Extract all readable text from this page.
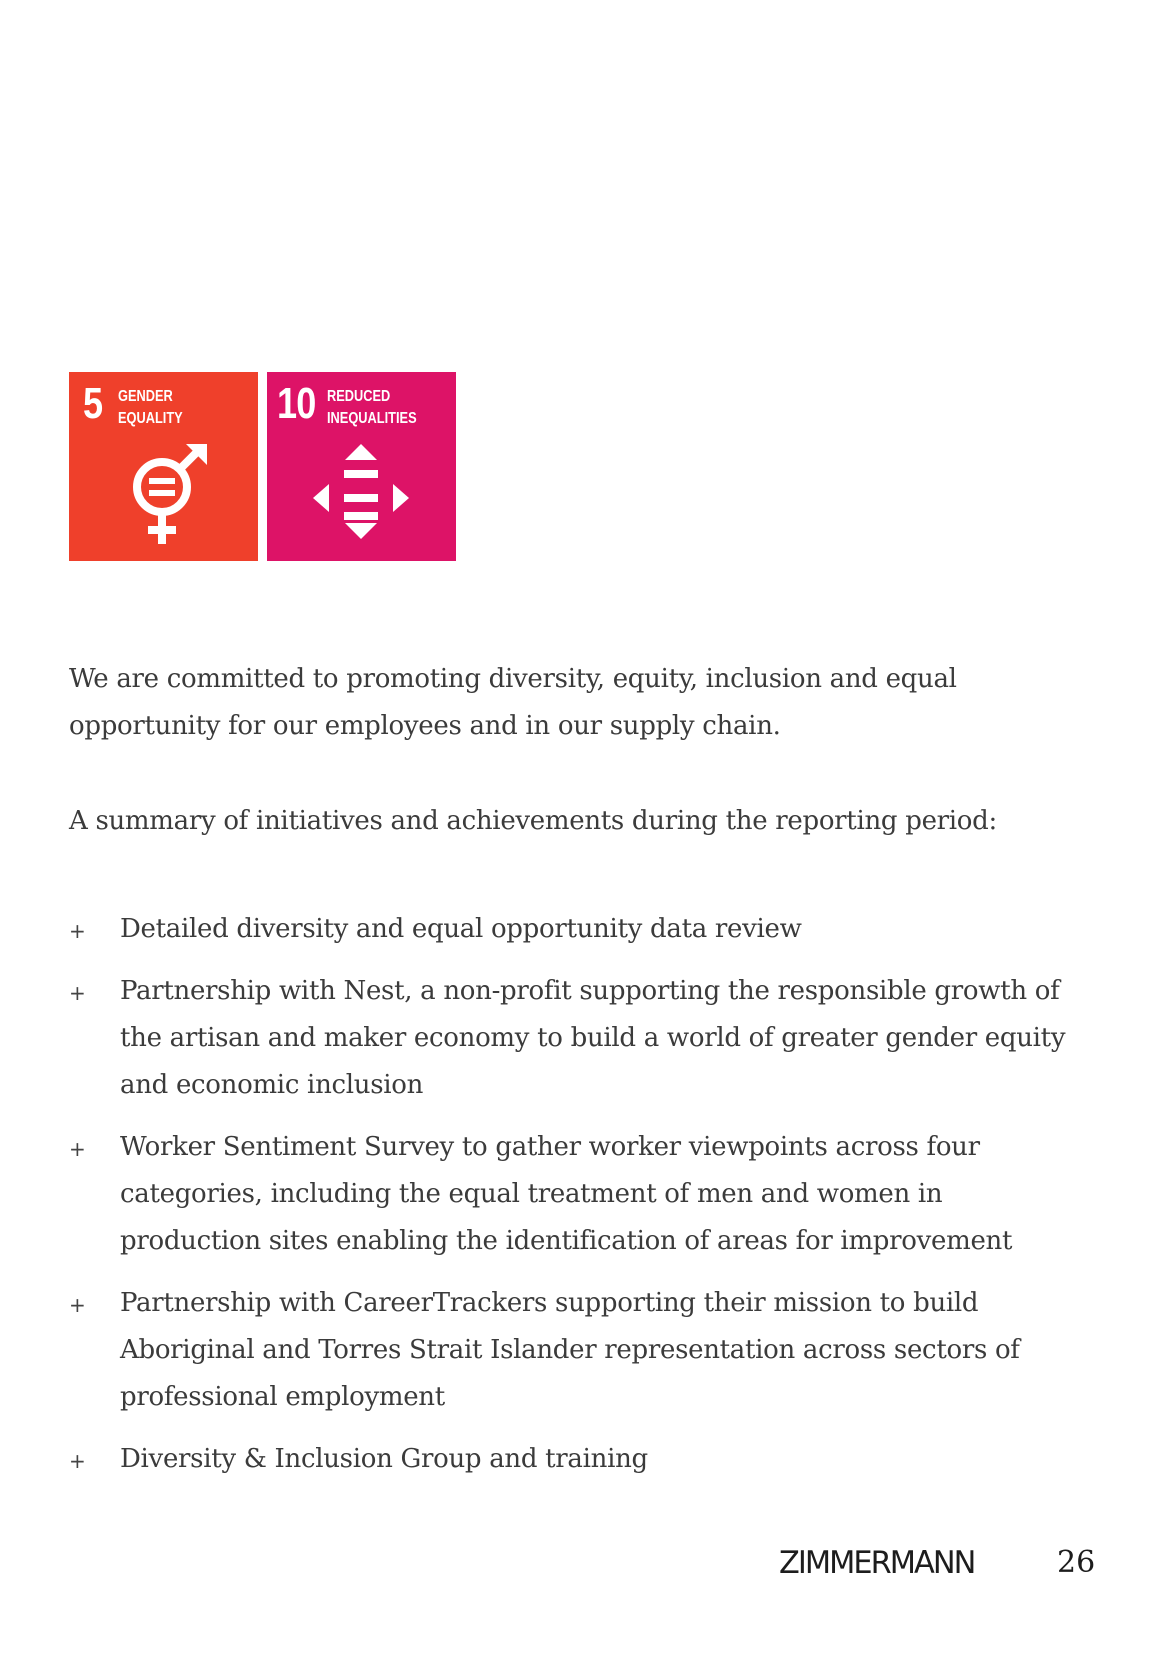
5 GENDER
EQUALITY 10 REDUCED
INEQUALITIES

We are committed to promoting diversity, equity, inclusion and equal opportunity for our employees and in our supply chain.

A summary of initiatives and achievements during the reporting period:

+ Detailed diversity and equal opportunity data review
+ Partnership with Nest, a non-profit supporting the responsible growth of the artisan and maker economy to build a world of greater gender equity and economic inclusion
+ Worker Sentiment Survey to gather worker viewpoints across four categories, including the equal treatment of men and women in production sites enabling the identification of areas for improvement
+ Partnership with CareerTrackers supporting their mission to build Aboriginal and Torres Strait Islander representation across sectors of professional employment
+ Diversity & Inclusion Group and training
ZIMMERMANN	26
